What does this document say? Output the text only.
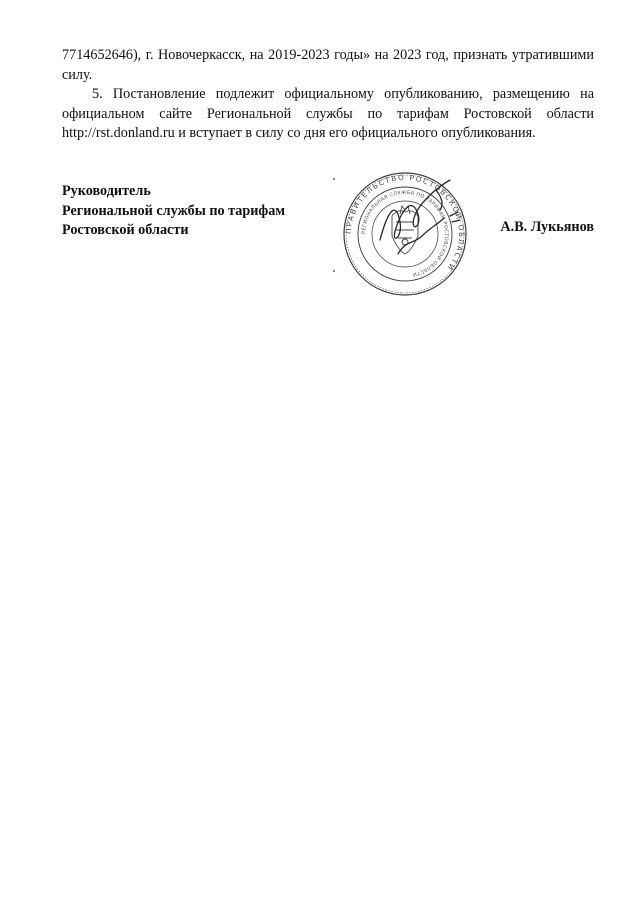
7714652646), г. Новочеркасск, на 2019-2023 годы» на 2023 год, признать утратившими силу.

5. Постановление подлежит официальному опубликованию, размещению на официальном сайте Региональной службы по тарифам Ростовской области http://rst.donland.ru и вступает в силу со дня его официального опубликования.

Руководитель
Региональной службы по тарифам
Ростовской области	ПРАВИТЕЛЬСТВО РОСТОВСКОЙ ОБЛАСТИ
РЕГИОНАЛЬНАЯ СЛУЖБА ПО ТАРИФАМ РОСТОВСКОЙ ОБЛАСТИ
А.В. Лукьянов
